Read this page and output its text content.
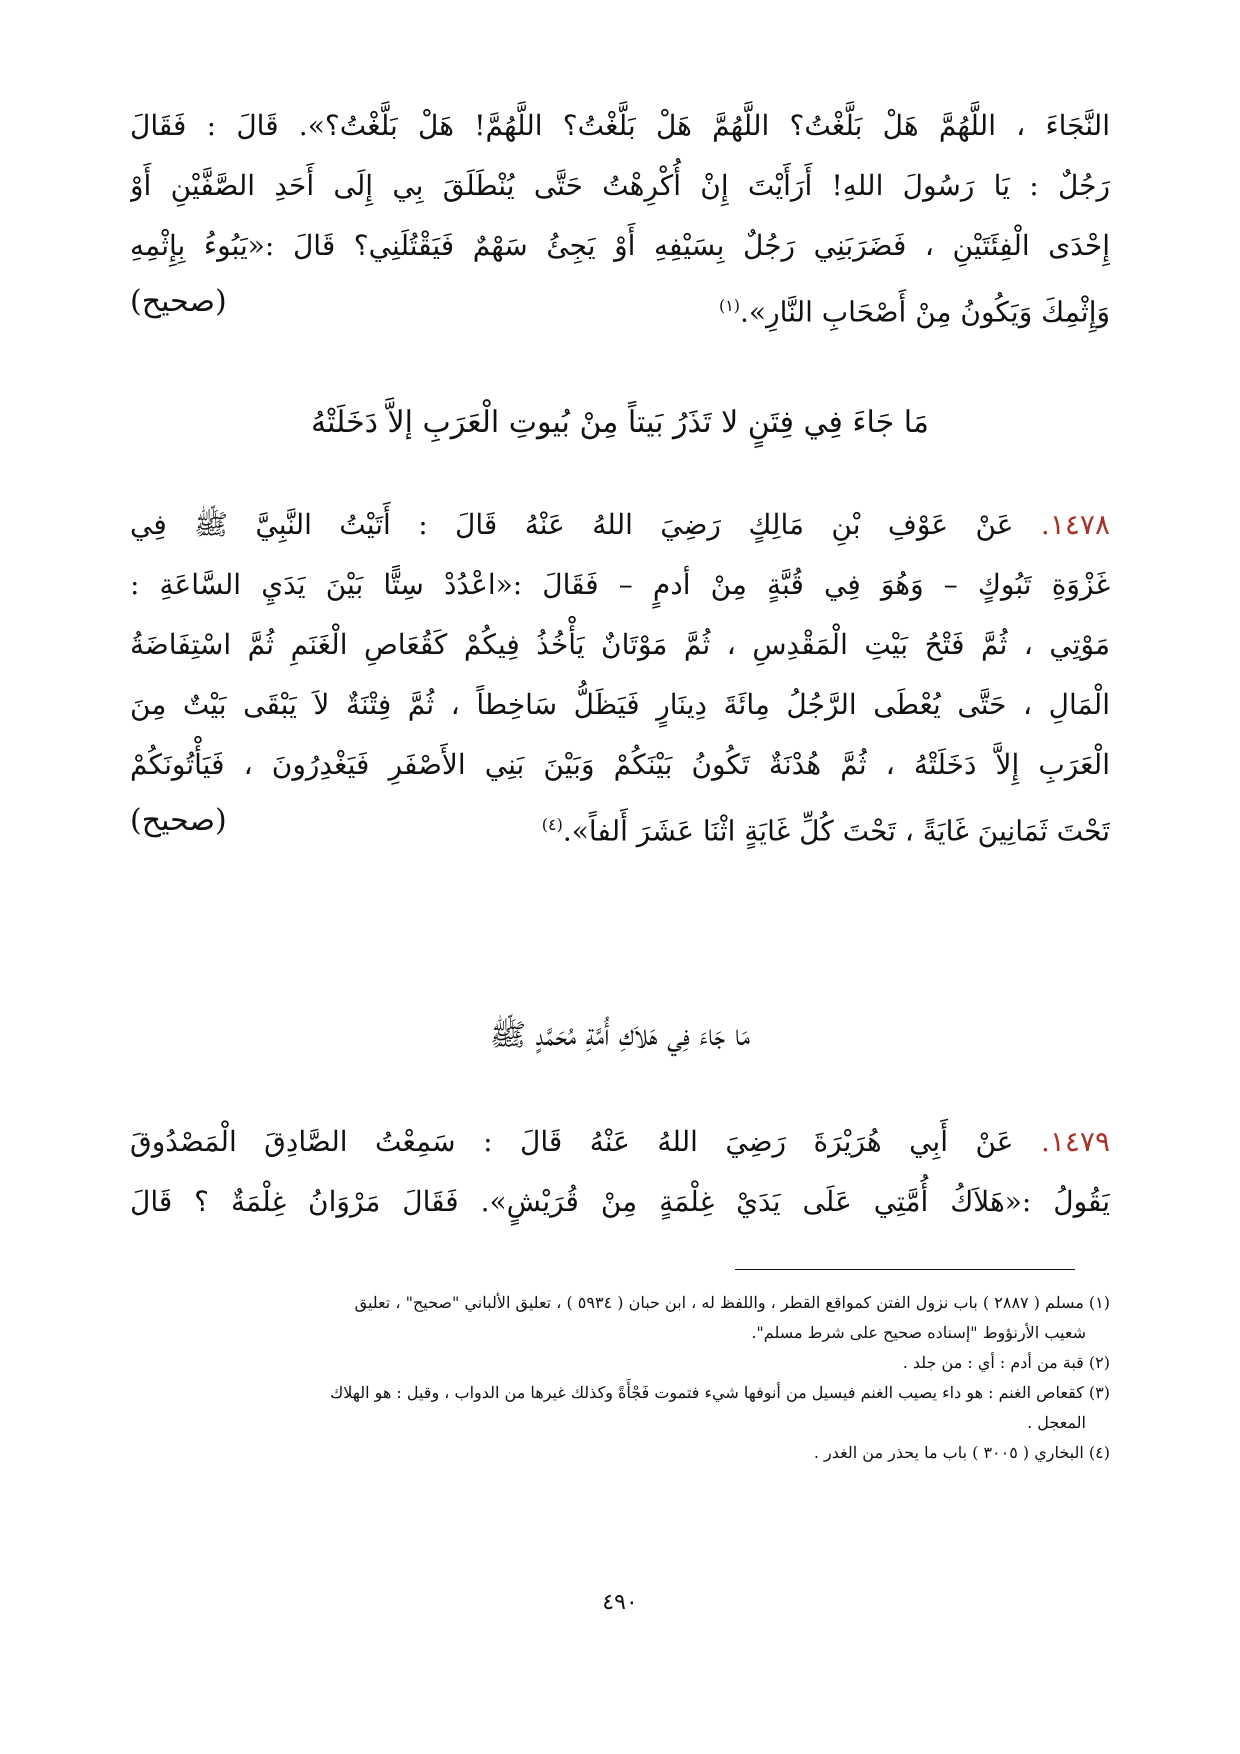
النَّجَاءَ ، اللَّهُمَّ هَلْ بَلَّغْتُ؟ اللَّهُمَّ هَلْ بَلَّغْتُ؟ اللَّهُمَّ! هَلْ بَلَّغْتُ؟». قَالَ : فَقَالَ
رَجُلٌ : يَا رَسُولَ اللهِ! أَرَأَيْتَ إِنْ أُكْرِهْتُ حَتَّى يُنْطَلَقَ بِي إِلَى أَحَدِ الصَّفَّيْنِ أَوْ
إِحْدَى الْفِئَتَيْنِ ، فَضَرَبَنِي رَجُلٌ بِسَيْفِهِ أَوْ يَجِئُ سَهْمٌ فَيَقْتُلَنِي؟ قَالَ :«يَبُوءُ بِإِثْمِهِ
وَإِثْمِكَ وَيَكُونُ مِنْ أَصْحَابِ النَّارِ».$^{(١)}$
(صحيح)
مَا جَاءَ فِي فِتَنٍ لا تَذَرُ بَيتاً مِنْ بُيوتِ الْعَرَبِ إلاَّ دَخَلَتْهُ
١٤٧٨. عَنْ عَوْفِ بْنِ مَالِكٍ رَضِيَ اللهُ عَنْهُ قَالَ : أَتَيْتُ النَّبِيَّ ﷺ فِي
غَزْوَةِ تَبُوكٍ – وَهُوَ فِي قُبَّةٍ مِنْ أدمٍ – فَقَالَ :«اعْدُدْ سِتًّا بَيْنَ يَدَيِ السَّاعَةِ :
مَوْتِي ، ثُمَّ فَتْحُ بَيْتِ الْمَقْدِسِ ، ثُمَّ مَوْتَانٌ يَأْخُذُ فِيكُمْ كَقُعَاصِ الْغَنَمِ ثُمَّ اسْتِفَاضَةُ
الْمَالِ ، حَتَّى يُعْطَى الرَّجُلُ مِائَةَ دِينَارٍ فَيَظَلُّ سَاخِطاً ، ثُمَّ فِتْنَةٌ لاَ يَبْقَى بَيْتٌ مِنَ
الْعَرَبِ إِلاَّ دَخَلَتْهُ ، ثُمَّ هُدْنَةٌ تَكُونُ بَيْنَكُمْ وَبَيْنَ بَنِي الأَصْفَرِ فَيَغْدِرُونَ ، فَيَأْتُونَكُمْ
تَحْتَ ثَمَانِينَ غَايَةً ، تَحْتَ كُلِّ غَايَةٍ اثْنَا عَشَرَ أَلفاً».$^{(٤)}$
(صحيح)
مَا جَاءَ فِي هَلاَكِ أُمَّةِ مُحَمَّدٍ ﷺ
١٤٧٩. عَنْ أَبِي هُرَيْرَةَ رَضِيَ اللهُ عَنْهُ قَالَ : سَمِعْتُ الصَّادِقَ الْمَصْدُوقَ
يَقُولُ :«هَلاَكُ أُمَّتِي عَلَى يَدَيْ غِلْمَةٍ مِنْ قُرَيْشٍ». فَقَالَ مَرْوَانُ غِلْمَةٌ ؟ قَالَ
(١) مسلم ( ٢٨٨٧ ) باب نزول الفتن كمواقع القطر ، واللفظ له ، ابن حبان ( ٥٩٣٤ ) ، تعليق الألباني "صحيح" ، تعليق
شعيب الأرنؤوط "إسناده صحيح على شرط مسلم".
(٢) قبة من أدم : أي : من جلد .
(٣) كقعاص الغنم : هو داء يصيب الغنم فيسيل من أنوفها شيء فتموت فَجْأَةً وكذلك غيرها من الدواب ، وقيل : هو الهلاك
المعجل .
(٤) البخاري ( ٣٠٠٥ ) باب ما يحذر من الغدر .
٤٩٠
